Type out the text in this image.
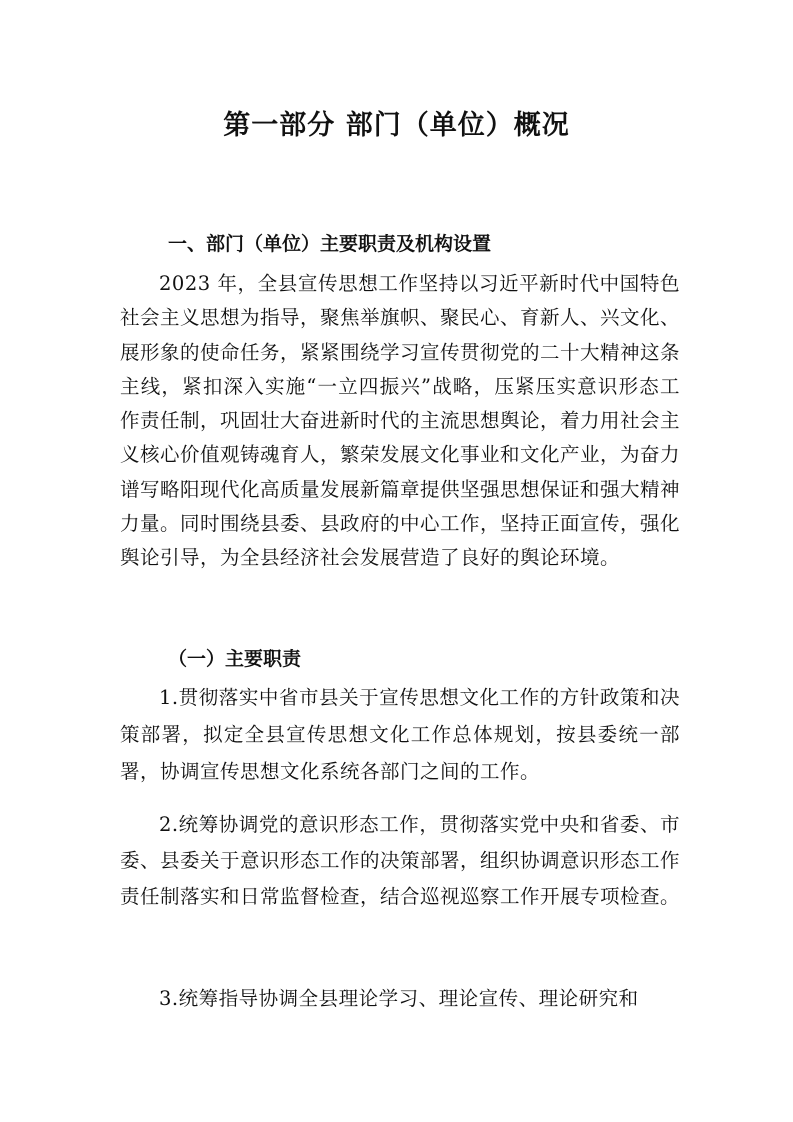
第一部分 部门（单位）概况
一、部门（单位）主要职责及机构设置

2023 年，全县宣传思想工作坚持以习近平新时代中国特色社会主义思想为指导，聚焦举旗帜、聚民心、育新人、兴文化、展形象的使命任务，紧紧围绕学习宣传贯彻党的二十大精神这条主线，紧扣深入实施“一立四振兴”战略，压紧压实意识形态工作责任制，巩固壮大奋进新时代的主流思想舆论，着力用社会主义核心价值观铸魂育人，繁荣发展文化事业和文化产业，为奋力谱写略阳现代化高质量发展新篇章提供坚强思想保证和强大精神力量。同时围绕县委、县政府的中心工作，坚持正面宣传，强化舆论引导，为全县经济社会发展营造了良好的舆论环境。

（一）主要职责

1.贯彻落实中省市县关于宣传思想文化工作的方针政策和决策部署，拟定全县宣传思想文化工作总体规划，按县委统一部署，协调宣传思想文化系统各部门之间的工作。

2.统筹协调党的意识形态工作，贯彻落实党中央和省委、市委、县委关于意识形态工作的决策部署，组织协调意识形态工作责任制落实和日常监督检查，结合巡视巡察工作开展专项检查。

3.统筹指导协调全县理论学习、理论宣传、理论研究和
